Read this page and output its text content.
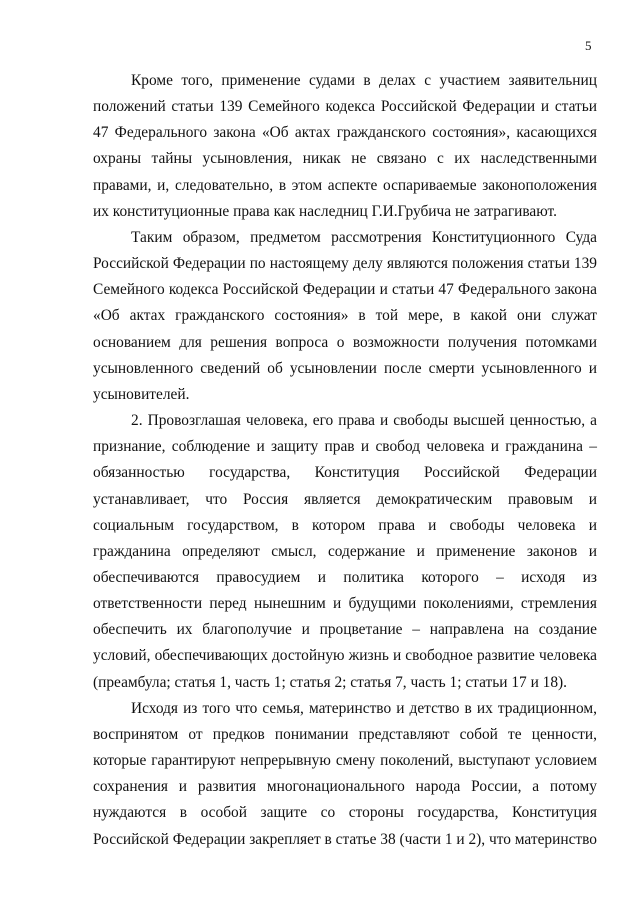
5

Кроме того, применение судами в делах с участием заявительниц положений статьи 139 Семейного кодекса Российской Федерации и статьи 47 Федерального закона «Об актах гражданского состояния», касающихся охраны тайны усыновления, никак не связано с их наследственными правами, и, следовательно, в этом аспекте оспариваемые законоположения их конституционные права как наследниц Г.И.Грубича не затрагивают.

Таким образом, предметом рассмотрения Конституционного Суда Российской Федерации по настоящему делу являются положения статьи 139 Семейного кодекса Российской Федерации и статьи 47 Федерального закона «Об актах гражданского состояния» в той мере, в какой они служат основанием для решения вопроса о возможности получения потомками усыновленного сведений об усыновлении после смерти усыновленного и усыновителей.

2. Провозглашая человека, его права и свободы высшей ценностью, а признание, соблюдение и защиту прав и свобод человека и гражданина – обязанностью государства, Конституция Российской Федерации устанавливает, что Россия является демократическим правовым и социальным государством, в котором права и свободы человека и гражданина определяют смысл, содержание и применение законов и обеспечиваются правосудием и политика которого – исходя из ответственности перед нынешним и будущими поколениями, стремления обеспечить их благополучие и процветание – направлена на создание условий, обеспечивающих достойную жизнь и свободное развитие человека (преамбула; статья 1, часть 1; статья 2; статья 7, часть 1; статьи 17 и 18).

Исходя из того что семья, материнство и детство в их традиционном, воспринятом от предков понимании представляют собой те ценности, которые гарантируют непрерывную смену поколений, выступают условием сохранения и развития многонационального народа России, а потому нуждаются в особой защите со стороны государства, Конституция Российской Федерации закрепляет в статье 38 (части 1 и 2), что материнство
